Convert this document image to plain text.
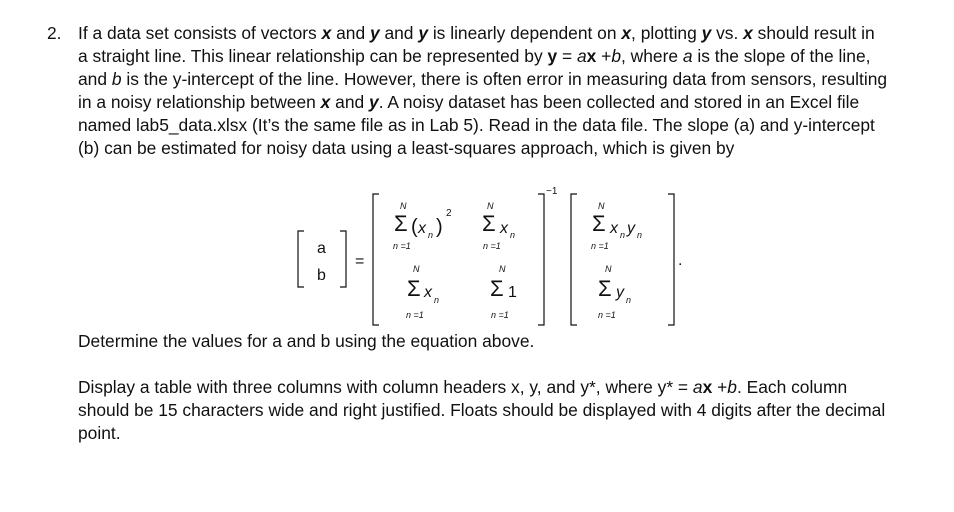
2. If a data set consists of vectors x and y and y is linearly dependent on x, plotting y vs. x should result in a straight line. This linear relationship can be represented by y = ax +b, where a is the slope of the line, and b is the y-intercept of the line. However, there is often error in measuring data from sensors, resulting in a noisy relationship between x and y. A noisy dataset has been collected and stored in an Excel file named lab5_data.xlsx (It’s the same file as in Lab 5). Read in the data file. The slope (a) and y-intercept (b) can be estimated for noisy data using a least-squares approach, which is given by

a
b
=
−1
N
Σ ( x n )
2
n =1
N
Σ x n
n =1
N
Σ x n
n =1
N
Σ 1
n =1
N
Σ x n y n
n =1
N
Σ y n
n =1
.

Determine the values for a and b using the equation above.

Display a table with three columns with column headers x, y, and y*, where y* = ax +b. Each column should be 15 characters wide and right justified. Floats should be displayed with 4 digits after the decimal point.
